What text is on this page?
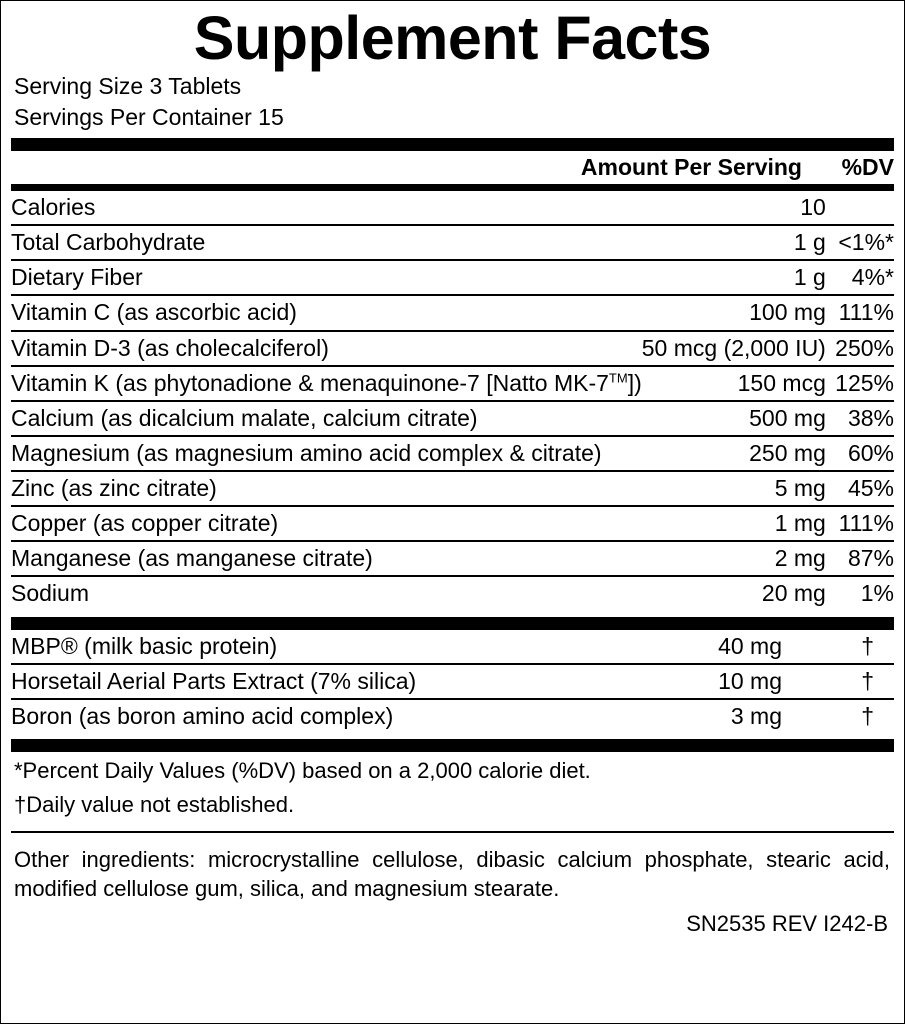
Supplement Facts
Serving Size 3 Tablets
Servings Per Container 15
	Amount Per Serving	%DV
Calories	10	
Total Carbohydrate	1 g	<1%*
Dietary Fiber	1 g	4%*
Vitamin C (as ascorbic acid)	100 mg	111%
Vitamin D-3 (as cholecalciferol)	50 mcg (2,000 IU)	250%
Vitamin K (as phytonadione & menaquinone-7 [Natto MK-7™])	150 mcg	125%
Calcium (as dicalcium malate, calcium citrate)	500 mg	38%
Magnesium (as magnesium amino acid complex & citrate)	250 mg	60%
Zinc (as zinc citrate)	5 mg	45%
Copper (as copper citrate)	1 mg	111%
Manganese (as manganese citrate)	2 mg	87%
Sodium	20 mg	1%
MBP® (milk basic protein)	40 mg	†
Horsetail Aerial Parts Extract (7% silica)	10 mg	†
Boron (as boron amino acid complex)	3 mg	†
*Percent Daily Values (%DV) based on a 2,000 calorie diet.
†Daily value not established.
Other ingredients: microcrystalline cellulose, dibasic calcium phosphate, stearic acid, modified cellulose gum, silica, and magnesium stearate.
SN2535 REV I242-B
